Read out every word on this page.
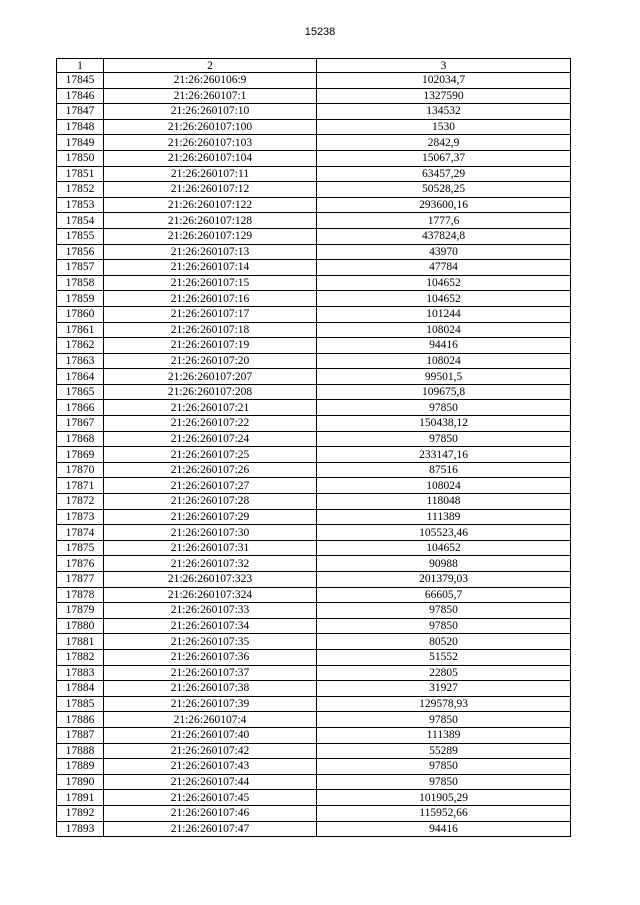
15238
1	2	3
17845	21:26:260106:9	102034,7
17846	21:26:260107:1	1327590
17847	21:26:260107:10	134532
17848	21:26:260107:100	1530
17849	21:26:260107:103	2842,9
17850	21:26:260107:104	15067,37
17851	21:26:260107:11	63457,29
17852	21:26:260107:12	50528,25
17853	21:26:260107:122	293600,16
17854	21:26:260107:128	1777,6
17855	21:26:260107:129	437824,8
17856	21:26:260107:13	43970
17857	21:26:260107:14	47784
17858	21:26:260107:15	104652
17859	21:26:260107:16	104652
17860	21:26:260107:17	101244
17861	21:26:260107:18	108024
17862	21:26:260107:19	94416
17863	21:26:260107:20	108024
17864	21:26:260107:207	99501,5
17865	21:26:260107:208	109675,8
17866	21:26:260107:21	97850
17867	21:26:260107:22	150438,12
17868	21:26:260107:24	97850
17869	21:26:260107:25	233147,16
17870	21:26:260107:26	87516
17871	21:26:260107:27	108024
17872	21:26:260107:28	118048
17873	21:26:260107:29	111389
17874	21:26:260107:30	105523,46
17875	21:26:260107:31	104652
17876	21:26:260107:32	90988
17877	21:26:260107:323	201379,03
17878	21:26:260107:324	66605,7
17879	21:26:260107:33	97850
17880	21:26:260107:34	97850
17881	21:26:260107:35	80520
17882	21:26:260107:36	51552
17883	21:26:260107:37	22805
17884	21:26:260107:38	31927
17885	21:26:260107:39	129578,93
17886	21:26:260107:4	97850
17887	21:26:260107:40	111389
17888	21:26:260107:42	55289
17889	21:26:260107:43	97850
17890	21:26:260107:44	97850
17891	21:26:260107:45	101905,29
17892	21:26:260107:46	115952,66
17893	21:26:260107:47	94416
